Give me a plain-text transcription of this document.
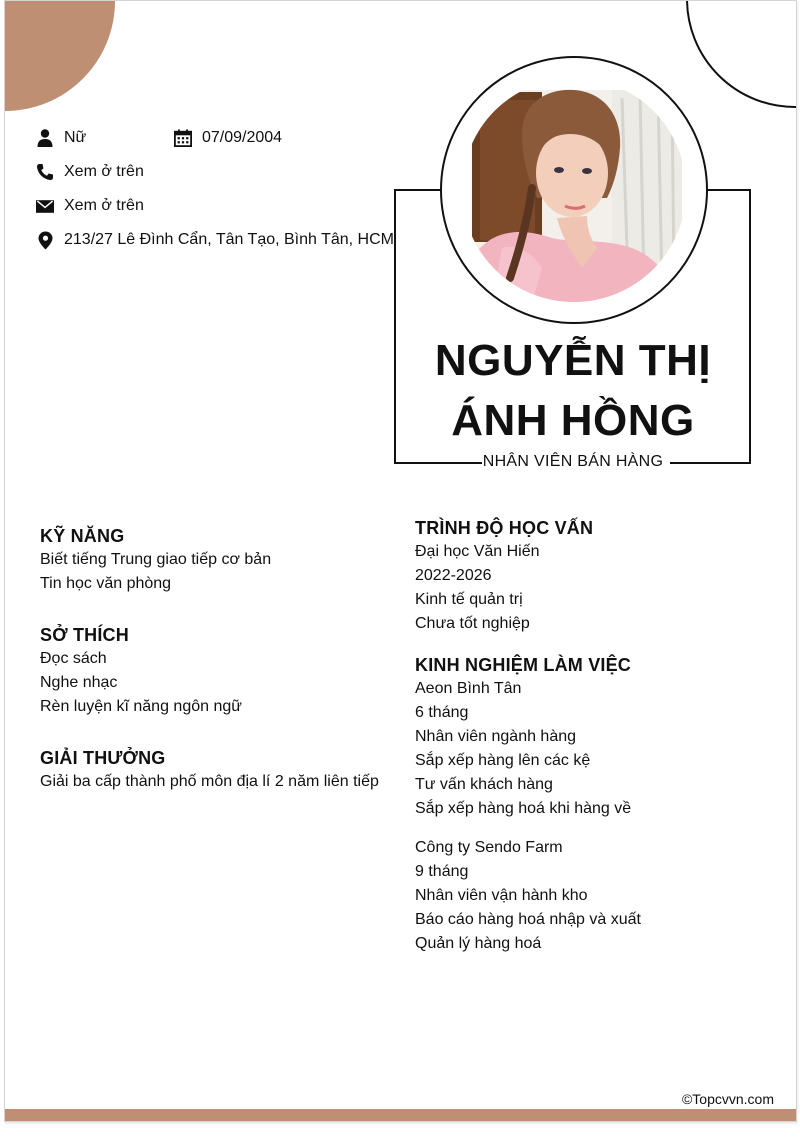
©Topcvvn.com
Nữ	07/09/2004
Xem ở trên
Xem ở trên
213/27 Lê Đình Cẩn, Tân Tạo, Bình Tân, HCM
NGUYỄN THỊ
ÁNH HỒNG
NHÂN VIÊN BÁN HÀNG
KỸ NĂNG
Biết tiếng Trung giao tiếp cơ bản
Tin học văn phòng
SỞ THÍCH
Đọc sách
Nghe nhạc
Rèn luyện kĩ năng ngôn ngữ
GIẢI THƯỞNG
Giải ba cấp thành phố môn địa lí 2 năm liên tiếp
TRÌNH ĐỘ HỌC VẤN
Đại học Văn Hiến
2022-2026
Kinh tế quản trị
Chưa tốt nghiệp
KINH NGHIỆM LÀM VIỆC
Aeon Bình Tân
6 tháng
Nhân viên ngành hàng
Sắp xếp hàng lên các kệ
Tư vấn khách hàng
Sắp xếp hàng hoá khi hàng về
Công ty Sendo Farm
9 tháng
Nhân viên vận hành kho
Báo cáo hàng hoá nhập và xuất
Quản lý hàng hoá
